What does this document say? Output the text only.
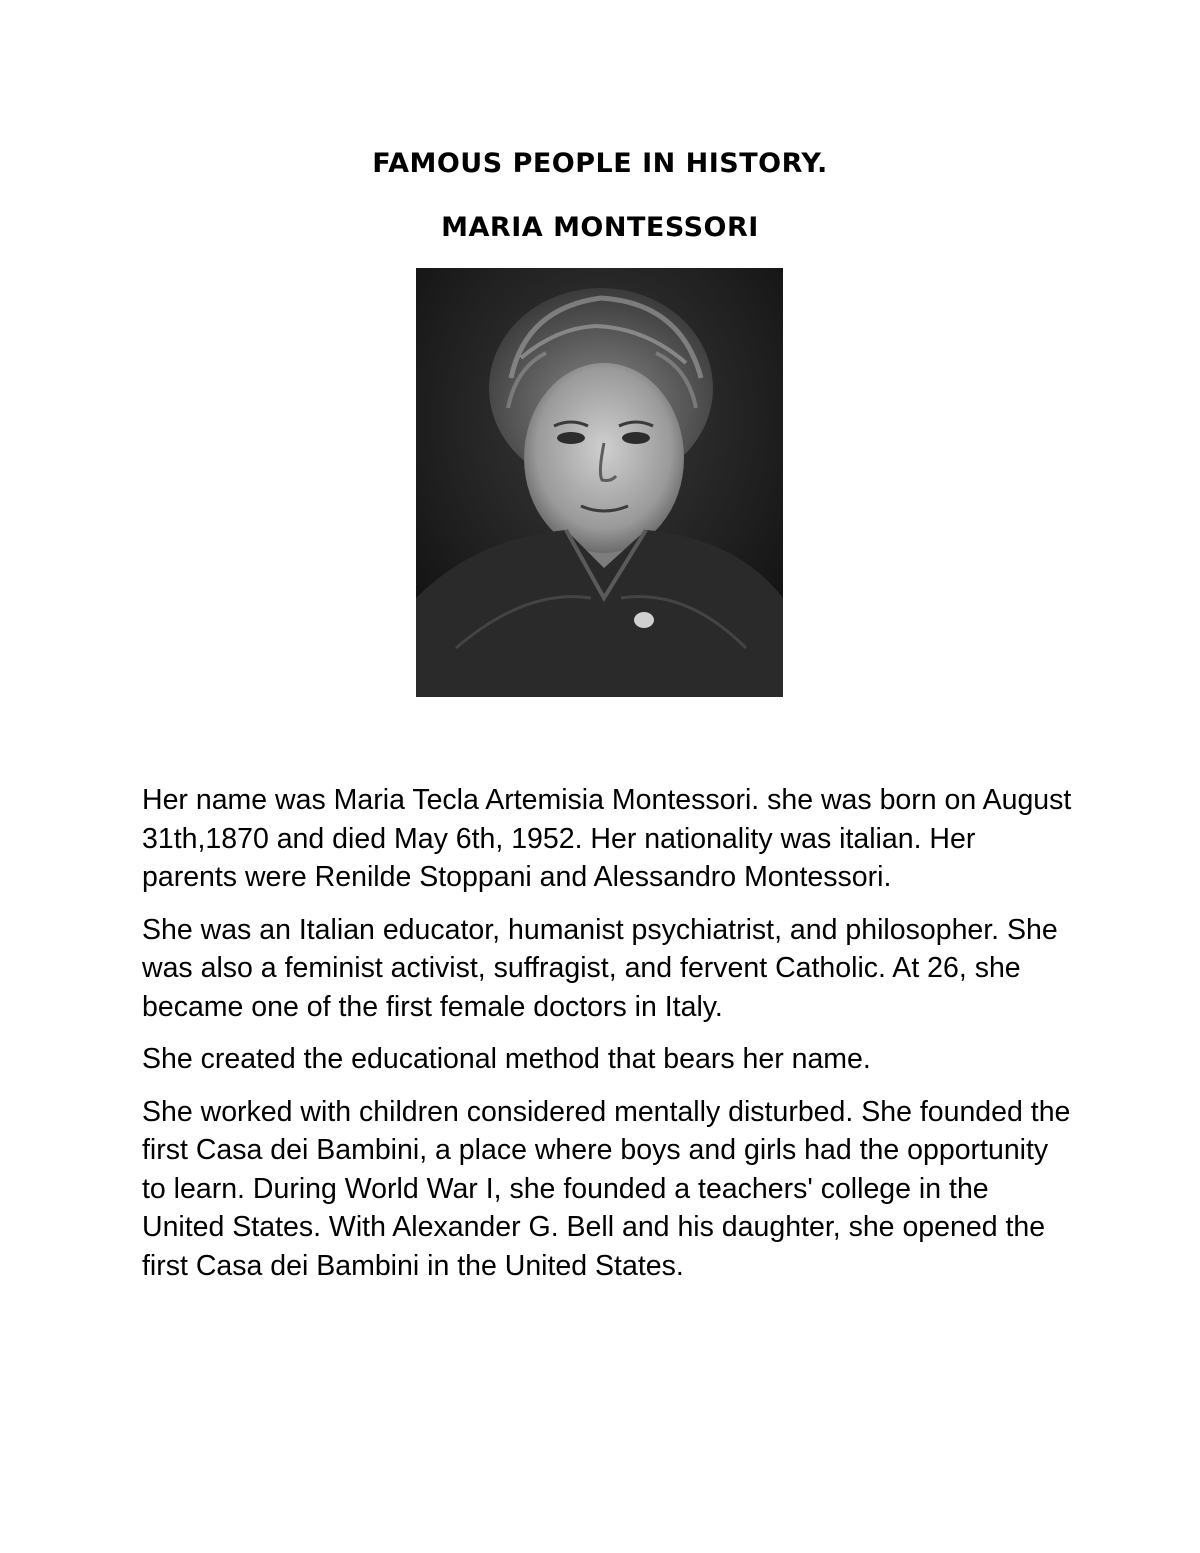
FAMOUS PEOPLE IN HISTORY.
MARIA MONTESSORI

Her name was Maria Tecla Artemisia Montessori. she was born on August 31th,1870 and died May 6th, 1952. Her nationality was italian. Her parents were Renilde Stoppani and Alessandro Montessori.

She was an Italian educator, humanist psychiatrist, and philosopher. She was also a feminist activist, suffragist, and fervent Catholic. At 26, she became one of the first female doctors in Italy.

She created the educational method that bears her name.

She worked with children considered mentally disturbed. She founded the first Casa dei Bambini, a place where boys and girls had the opportunity to learn. During World War I, she founded a teachers' college in the United States. With Alexander G. Bell and his daughter, she opened the first Casa dei Bambini in the United States.
